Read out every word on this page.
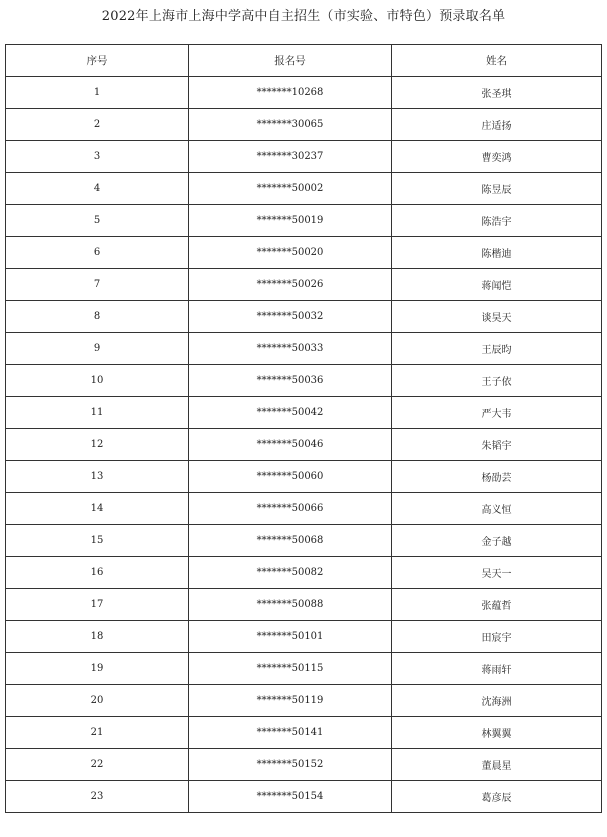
2022年上海市上海中学高中自主招生（市实验、市特色）预录取名单
序号	报名号	姓名
1	*******10268	张圣琪
2	*******30065	庄适扬
3	*******30237	曹奕鸿
4	*******50002	陈昱辰
5	*******50019	陈浩宇
6	*******50020	陈楷迪
7	*******50026	蒋闻恺
8	*******50032	谈昊天
9	*******50033	王辰昀
10	*******50036	王子依
11	*******50042	严大韦
12	*******50046	朱韬宇
13	*******50060	杨劭芸
14	*******50066	高义恒
15	*******50068	金子越
16	*******50082	吴天一
17	*******50088	张蕴哲
18	*******50101	田宸宇
19	*******50115	蒋雨轩
20	*******50119	沈海洲
21	*******50141	林翼翼
22	*******50152	董晨星
23	*******50154	葛彦辰
